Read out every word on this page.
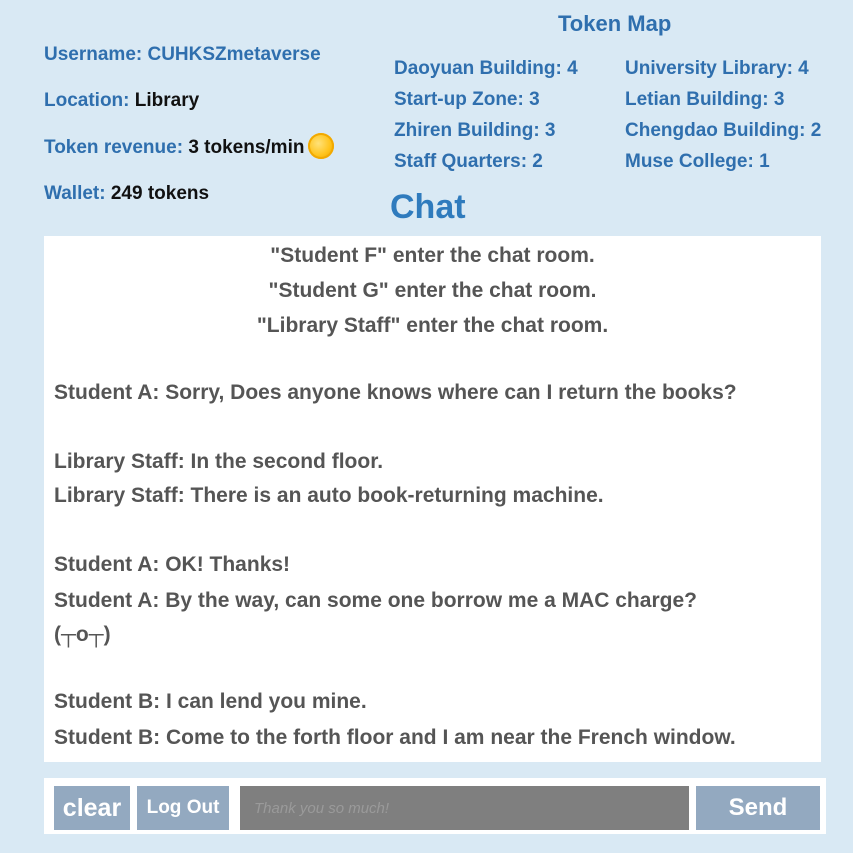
Username: CUHKSZmetaverse
Location: Library
Token revenue: 3 tokens/min
Wallet: 249 tokens
Token Map
Daoyuan Building: 4 University Library: 4
Start-up Zone: 3	Letian Building: 3
Zhiren Building: 3	Chengdao Building: 2
Staff Quarters: 2	Muse College: 1
Chat
"Student F" enter the chat room.
"Student G" enter the chat room.
"Library Staff" enter the chat room.
Student A: Sorry, Does anyone knows where can I return the books?
Library Staff: In the second floor.
Library Staff: There is an auto book-returning machine.
Student A: OK! Thanks!
Student A: By the way, can some one borrow me a MAC charge?
(┬o┬)
Student B: I can lend you mine.
Student B: Come to the forth floor and I am near the French window.
clear	Log Out
Thank you so much!	Send
